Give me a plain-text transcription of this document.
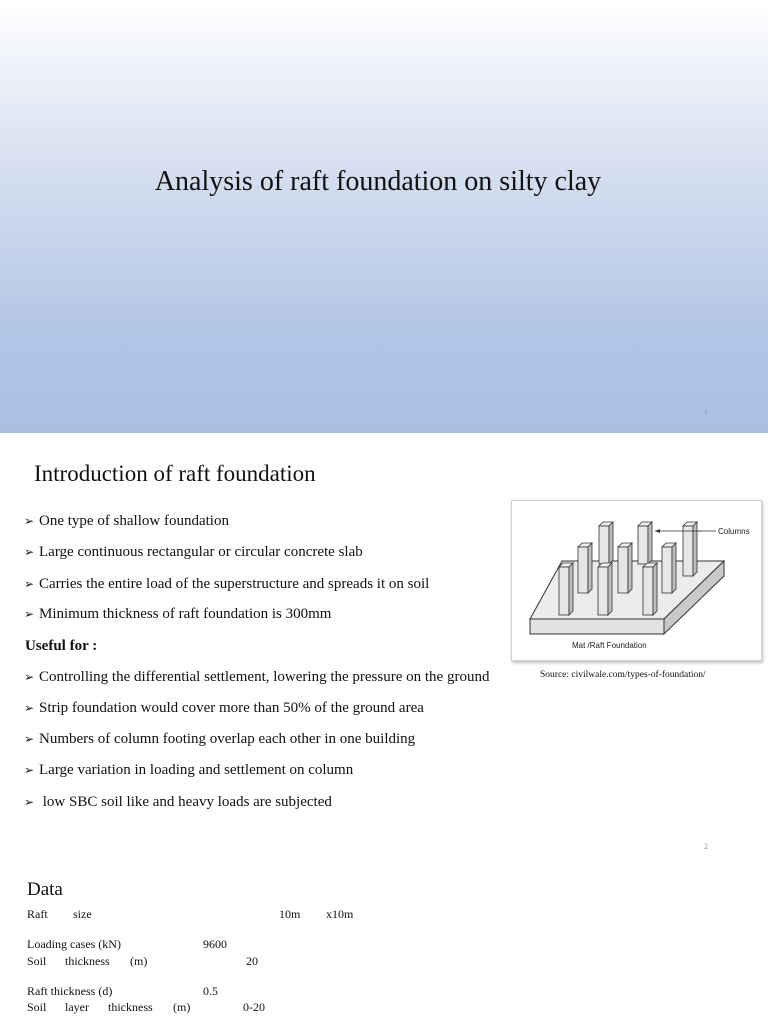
Analysis of raft foundation on silty clay
1
Introduction of raft foundation
➢ One type of shallow foundation
➢ Large continuous rectangular or circular concrete slab
➢ Carries the entire load of the superstructure and spreads it on soil
➢ Minimum thickness of raft foundation is 300mm
Useful for :
➢ Controlling the differential settlement, lowering the pressure on the ground
➢ Strip foundation would cover more than 50% of the ground area
➢ Numbers of column footing overlap each other in one building
➢ Large variation in loading and settlement on column
➢ low SBC soil like and heavy loads are subjected
Columns
Mat /Raft Foundation
Source: civilwale.com/types-of-foundation/
2
Data
Raft size	10m x10m
Loading cases (kN)	9600
Soil thickness (m)	20
Raft thickness (d)	0.5
Soil layer thickness (m)	0-20
